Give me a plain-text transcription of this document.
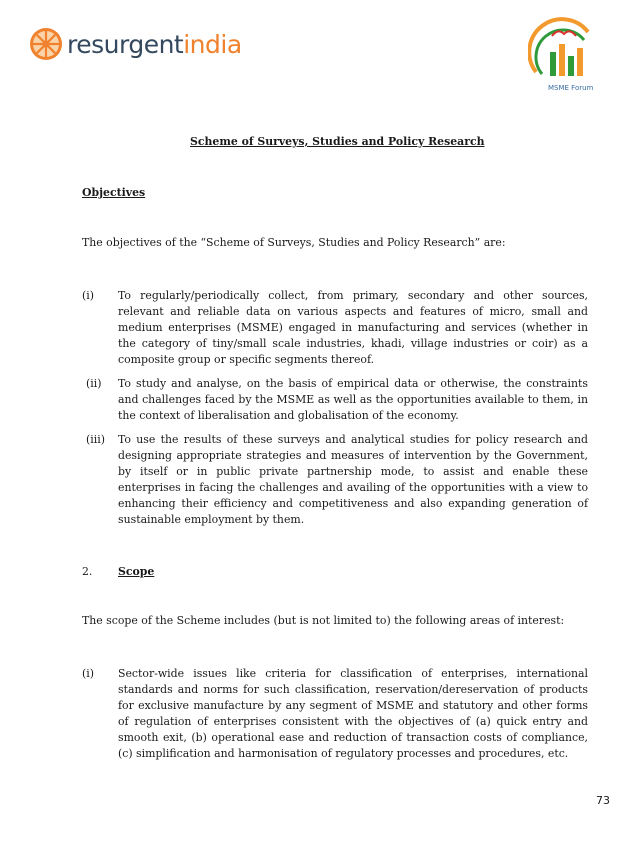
resurgentindia
MSME Forum
Scheme of Surveys, Studies and Policy Research
Objectives
The objectives of the “Scheme of Surveys, Studies and Policy Research” are:
(i)	To regularly/periodically collect, from primary, secondary and other sources, relevant and reliable data on various aspects and features of micro, small and medium enterprises (MSME) engaged in manufacturing and services (whether in the category of tiny/small scale industries, khadi, village industries or coir) as a composite group or specific segments thereof.
(ii)	To study and analyse, on the basis of empirical data or otherwise, the constraints and challenges faced by the MSME as well as the opportunities available to them, in the context of liberalisation and globalisation of the economy.
(iii)	To use the results of these surveys and analytical studies for policy research and designing appropriate strategies and measures of intervention by the Government, by itself or in public private partnership mode, to assist and enable these enterprises in facing the challenges and availing of the opportunities with a view to enhancing their efficiency and competitiveness and also expanding generation of sustainable employment by them.
2.	Scope
The scope of the Scheme includes (but is not limited to) the following areas of interest:
(i)	Sector-wide issues like criteria for classification of enterprises, international standards and norms for such classification, reservation/dereservation of products for exclusive manufacture by any segment of MSME and statutory and other forms of regulation of enterprises consistent with the objectives of (a) quick entry and smooth exit, (b) operational ease and reduction of transaction costs of compliance, (c) simplification and harmonisation of regulatory processes and procedures, etc.
73
